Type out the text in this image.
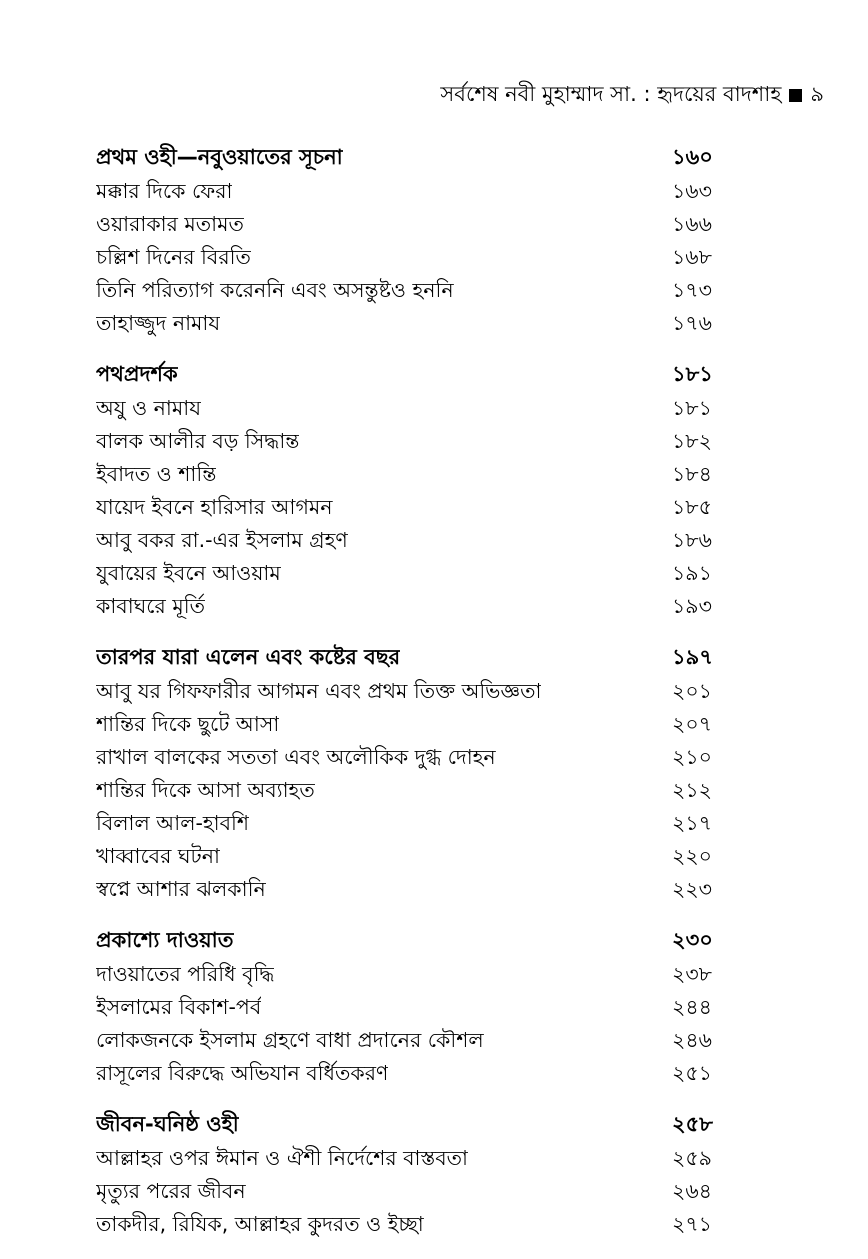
সর্বশেষ নবী মুহাম্মাদ সা. : হৃদয়ের বাদশাহ ৯
প্রথম ওহী—নবুওয়াতের সূচনা	১৬০
মক্কার দিকে ফেরা	১৬৩
ওয়ারাকার মতামত	১৬৬
চল্লিশ দিনের বিরতি	১৬৮
তিনি পরিত্যাগ করেননি এবং অসন্তুষ্টও হননি	১৭৩
তাহাজ্জুদ নামায	১৭৬
পথপ্রদর্শক	১৮১
অযু ও নামায	১৮১
বালক আলীর বড় সিদ্ধান্ত	১৮২
ইবাদত ও শান্তি	১৮৪
যায়েদ ইবনে হারিসার আগমন	১৮৫
আবু বকর রা.-এর ইসলাম গ্রহণ	১৮৬
যুবায়ের ইবনে আওয়াম	১৯১
কাবাঘরে মূর্তি	১৯৩
তারপর যারা এলেন এবং কষ্টের বছর	১৯৭
আবু যর গিফফারীর আগমন এবং প্রথম তিক্ত অভিজ্ঞতা	২০১
শান্তির দিকে ছুটে আসা	২০৭
রাখাল বালকের সততা এবং অলৌকিক দুগ্ধ দোহন	২১০
শান্তির দিকে আসা অব্যাহত	২১২
বিলাল আল-হাবশি	২১৭
খাব্বাবের ঘটনা	২২০
স্বপ্নে আশার ঝলকানি	২২৩
প্রকাশ্যে দাওয়াত	২৩০
দাওয়াতের পরিধি বৃদ্ধি	২৩৮
ইসলামের বিকাশ-পর্ব	২৪৪
লোকজনকে ইসলাম গ্রহণে বাধা প্রদানের কৌশল	২৪৬
রাসূলের বিরুদ্ধে অভিযান বর্ধিতকরণ	২৫১
জীবন-ঘনিষ্ঠ ওহী	২৫৮
আল্লাহর ওপর ঈমান ও ঐশী নির্দেশের বাস্তবতা	২৫৯
মৃত্যুর পরের জীবন	২৬৪
তাকদীর, রিযিক, আল্লাহর কুদরত ও ইচ্ছা	২৭১
